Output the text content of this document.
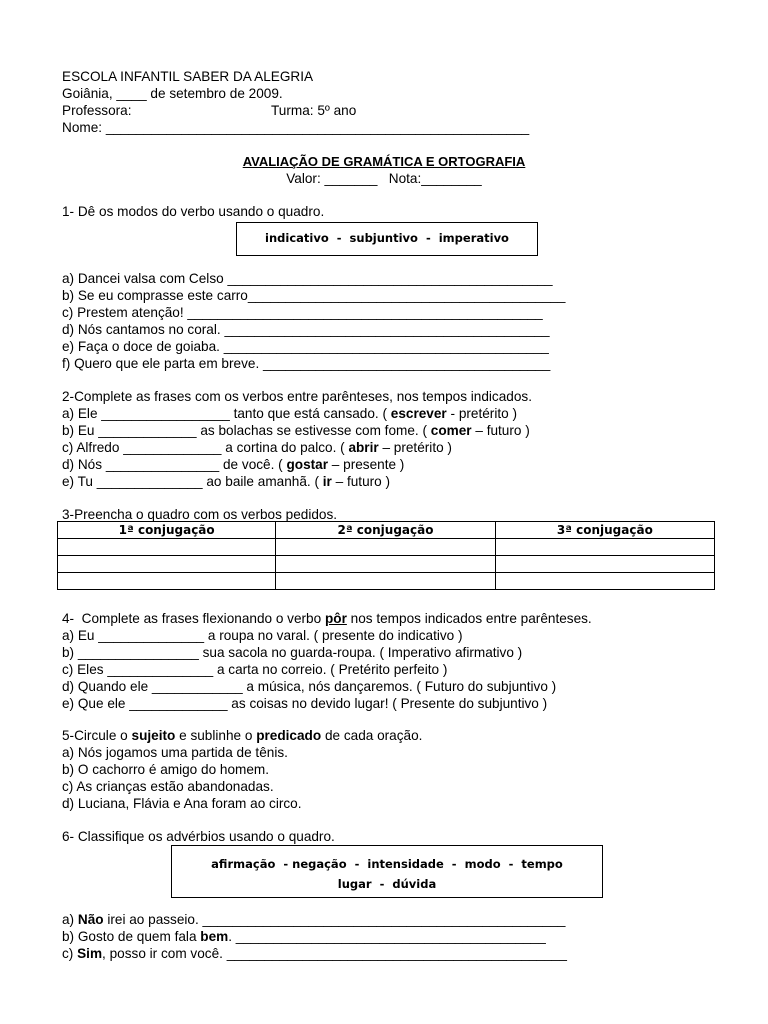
ESCOLA INFANTIL SABER DA ALEGRIA
Goiânia, ____ de setembro de 2009.
Professora:	Turma: 5º ano
Nome: ________________________________________________________
AVALIAÇÃO DE GRAMÁTICA E ORTOGRAFIA
Valor: _______   Nota:________
1- Dê os modos do verbo usando o quadro.
indicativo  -  subjuntivo  -  imperativo
a) Dancei valsa com Celso ___________________________________________
b) Se eu comprasse este carro__________________________________________
c) Prestem atenção! _______________________________________________
d) Nós cantamos no coral. ___________________________________________
e) Faça o doce de goiaba. ___________________________________________
f) Quero que ele parta em breve. ______________________________________
2-Complete as frases com os verbos entre parênteses, nos tempos indicados.
a) Ele _________________ tanto que está cansado. ( escrever - pretérito )
b) Eu _____________ as bolachas se estivesse com fome. ( comer – futuro )
c) Alfredo _____________ a cortina do palco. ( abrir – pretérito )
d) Nós _______________ de você. ( gostar – presente )
e) Tu ______________ ao baile amanhã. ( ir – futuro )
3-Preencha o quadro com os verbos pedidos.
1ª conjugação	2ª conjugação	3ª conjugação

4-  Complete as frases flexionando o verbo pôr nos tempos indicados entre parênteses.
a) Eu ______________ a roupa no varal. ( presente do indicativo )
b) ________________ sua sacola no guarda-roupa. ( Imperativo afirmativo )
c) Eles ______________ a carta no correio. ( Pretérito perfeito )
d) Quando ele ____________ a música, nós dançaremos. ( Futuro do subjuntivo )
e) Que ele _____________ as coisas no devido lugar! ( Presente do subjuntivo )
5-Circule o sujeito e sublinhe o predicado de cada oração.
a) Nós jogamos uma partida de tênis.
b) O cachorro é amigo do homem.
c) As crianças estão abandonadas.
d) Luciana, Flávia e Ana foram ao circo.
6- Classifique os advérbios usando o quadro.
afirmação  - negação  -  intensidade  -  modo  -  tempo
lugar  -  dúvida
a) Não irei ao passeio. ________________________________________________
b) Gosto de quem fala bem. _________________________________________
c) Sim, posso ir com você. _____________________________________________
